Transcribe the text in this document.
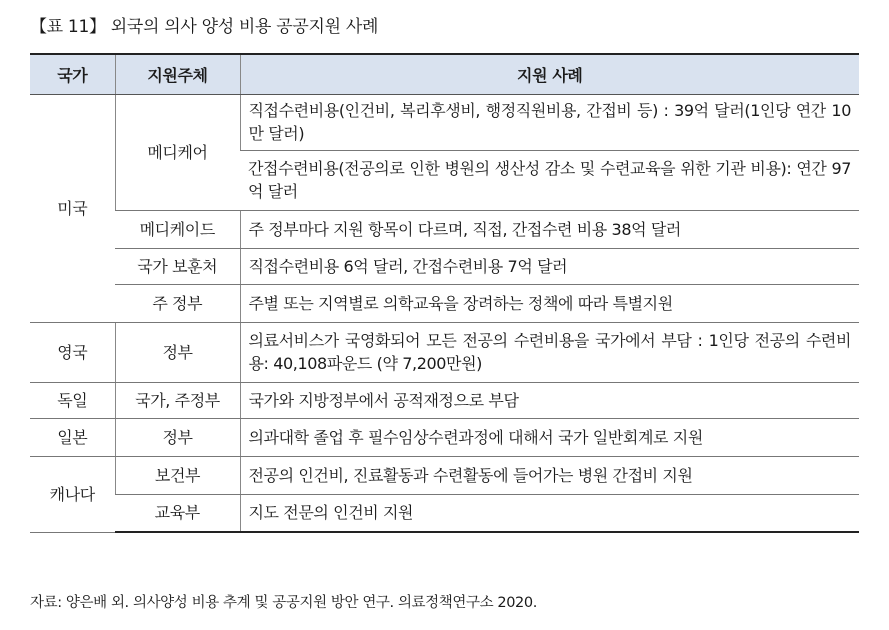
【표 11】 외국의 의사 양성 비용 공공지원 사례
국가	지원주체	지원 사례
미국	메디케어	직접수련비용(인건비, 복리후생비, 행정직원비용, 간접비 등) : 39억 달러(1인당 연간 10만 달러)
		간접수련비용(전공의로 인한 병원의 생산성 감소 및 수련교육을 위한 기관 비용): 연간 97억 달러
	메디케이드	주 정부마다 지원 항목이 다르며, 직접, 간접수련 비용 38억 달러
	국가 보훈처	직접수련비용 6억 달러, 간접수련비용 7억 달러
	주 정부	주별 또는 지역별로 의학교육을 장려하는 정책에 따라 특별지원
영국	정부	의료서비스가 국영화되어 모든 전공의 수련비용을 국가에서 부담 : 1인당 전공의 수련비용: 40,108파운드 (약 7,200만원)
독일	국가, 주정부	국가와 지방정부에서 공적재정으로 부담
일본	정부	의과대학 졸업 후 필수임상수련과정에 대해서 국가 일반회계로 지원
캐나다	보건부	전공의 인건비, 진료활동과 수련활동에 들어가는 병원 간접비 지원
	교육부	지도 전문의 인건비 지원
자료: 양은배 외. 의사양성 비용 추계 및 공공지원 방안 연구. 의료정책연구소 2020.
